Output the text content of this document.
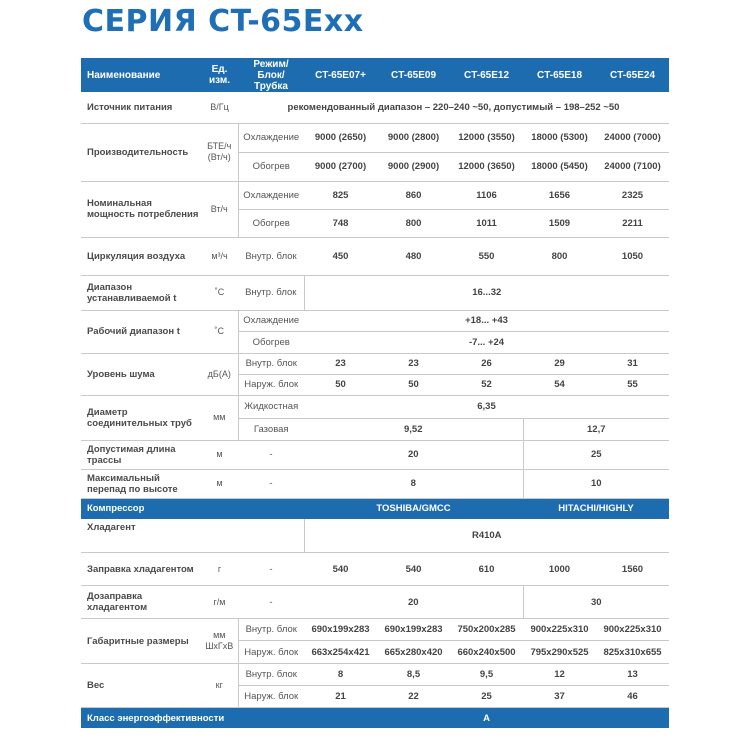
СЕРИЯ CT-65Exx
Наименование	Ед. изм.	Режим/ Блок/ Трубка	CT-65E07+	CT-65E09	CT-65E12	CT-65E18	CT-65E24
Источник питания	В/Гц	рекомендованный диапазон – 220–240 ~50, допустимый – 198–252 ~50					
Производительность	БТЕ/ч (Вт/ч)	Охлаждение	9000 (2650)	9000 (2800)	12000 (3550)	18000 (5300)	24000 (7000)
		Обогрев	9000 (2700)	9000 (2900)	12000 (3650)	18000 (5450)	24000 (7100)
Номинальная мощность потребления	Вт/ч	Охлаждение	825	860	1106	1656	2325
		Обогрев	748	800	1011	1509	2211
Циркуляция воздуха	м³/ч	Внутр. блок	450	480	550	800	1050
Диапазон устанавливаемой t	˚С	Внутр. блок	16...32				
Рабочий диапазон t	˚С	Охлаждение	+18... +43				
		Обогрев	-7... +24				
Уровень шума	дБ(А)	Внутр. блок	23	23	26	29	31
		Наруж. блок	50	50	52	54	55
Диаметр соединительных труб	мм	Жидкостная	6,35				
		Газовая	9,52			12,7	
Допустимая длина трассы	м	-	20			25	
Максимальный перепад по высоте	м	-	8			10	
Компрессор			TOSHIBA/GMCC			HITACHI/HIGHLY	
Хладагент			R410A				
Заправка хладагентом	г	-	540	540	610	1000	1560
Дозаправка хладагентом	г/м	-	20			30	
Габаритные размеры	мм ШхГхВ	Внутр. блок	690x199x283	690x199x283	750x200x285	900x225x310	900x225x310
		Наруж. блок	663x254x421	665x280x420	660x240x500	795x290x525	825x310x655
Вес	кг	Внутр. блок	8	8,5	9,5	12	13
		Наруж. блок	21	22	25	37	46
Класс энергоэффективности			A				
